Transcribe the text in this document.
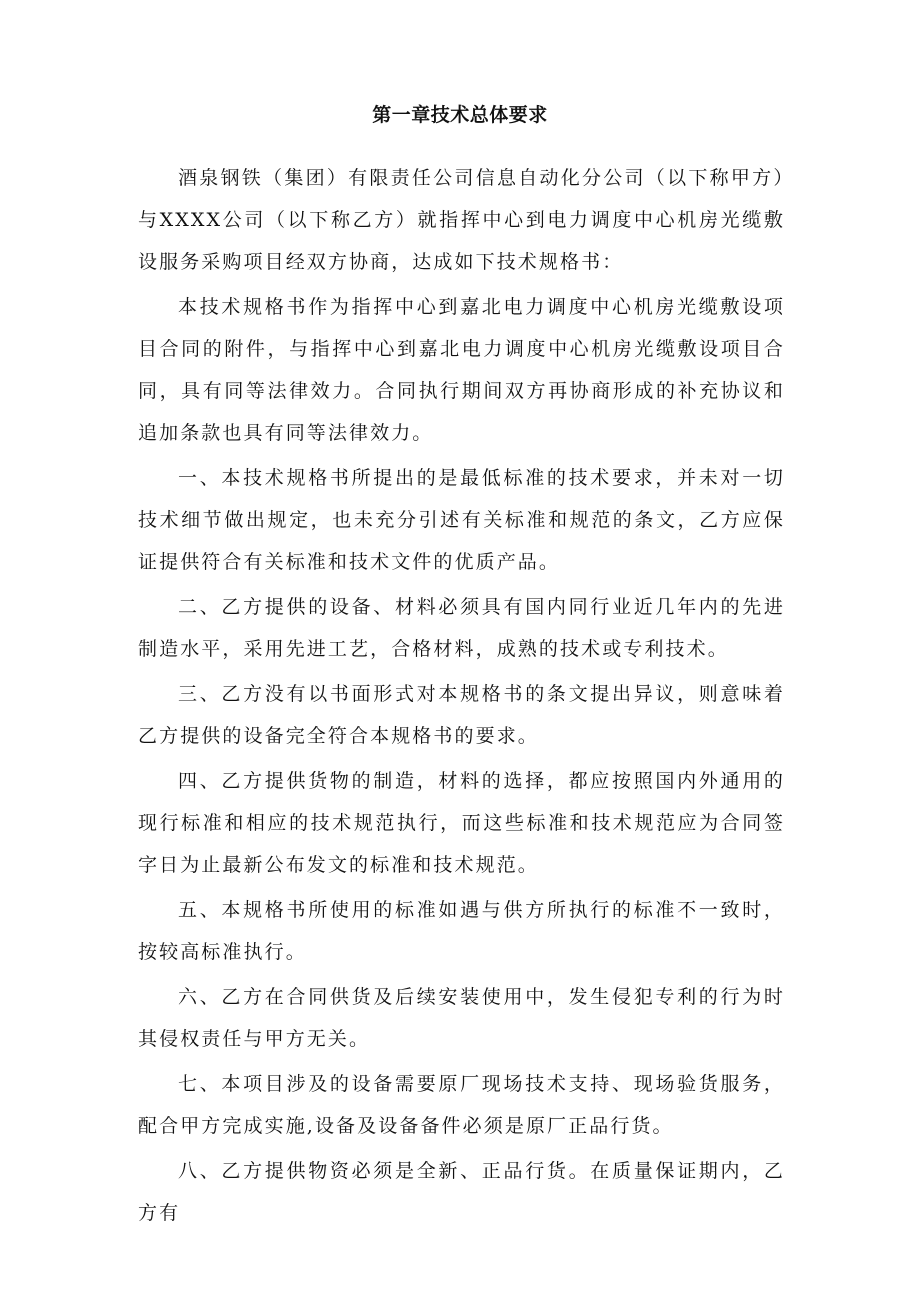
第一章技术总体要求

酒泉钢铁（集团）有限责任公司信息自动化分公司（以下称甲方）与XXXX公司（以下称乙方）就指挥中心到电力调度中心机房光缆敷设服务采购项目经双方协商，达成如下技术规格书：

本技术规格书作为指挥中心到嘉北电力调度中心机房光缆敷设项目合同的附件，与指挥中心到嘉北电力调度中心机房光缆敷设项目合同，具有同等法律效力。合同执行期间双方再协商形成的补充协议和追加条款也具有同等法律效力。

一、本技术规格书所提出的是最低标准的技术要求，并未对一切技术细节做出规定，也未充分引述有关标准和规范的条文，乙方应保证提供符合有关标准和技术文件的优质产品。

二、乙方提供的设备、材料必须具有国内同行业近几年内的先进制造水平，采用先进工艺，合格材料，成熟的技术或专利技术。

三、乙方没有以书面形式对本规格书的条文提出异议，则意味着乙方提供的设备完全符合本规格书的要求。

四、乙方提供货物的制造，材料的选择，都应按照国内外通用的现行标准和相应的技术规范执行，而这些标准和技术规范应为合同签字日为止最新公布发文的标准和技术规范。

五、本规格书所使用的标准如遇与供方所执行的标准不一致时，按较高标准执行。

六、乙方在合同供货及后续安装使用中，发生侵犯专利的行为时其侵权责任与甲方无关。

七、本项目涉及的设备需要原厂现场技术支持、现场验货服务，配合甲方完成实施,设备及设备备件必须是原厂正品行货。

八、乙方提供物资必须是全新、正品行货。在质量保证期内，乙方有
